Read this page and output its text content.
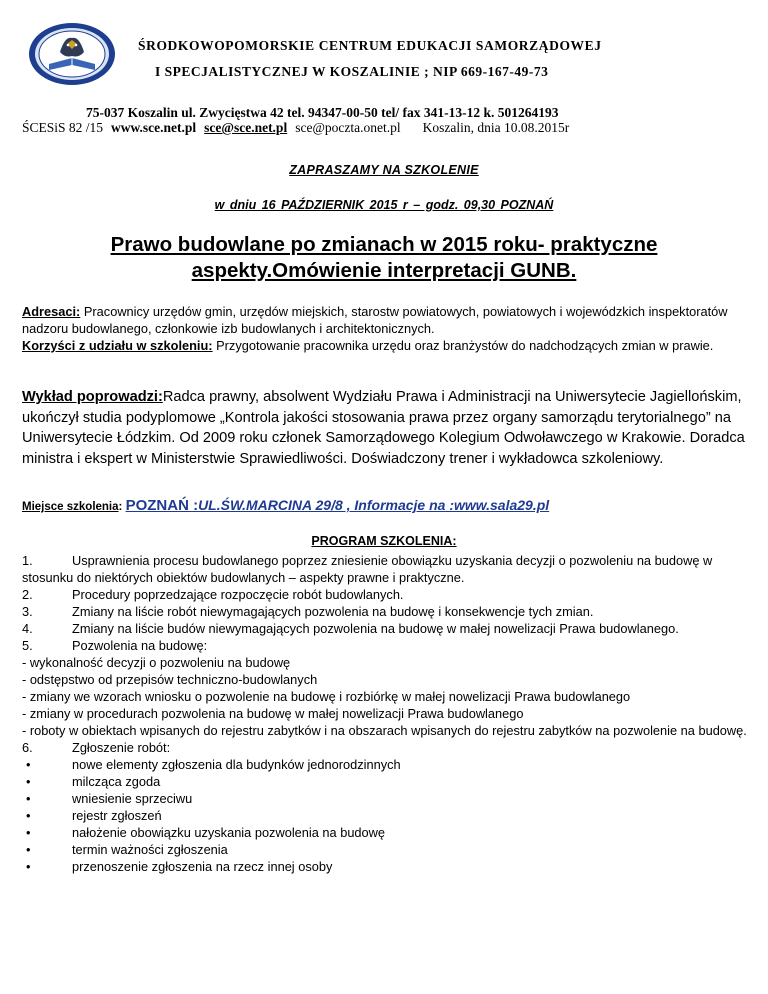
ŚRODKOWOPOMORSKIE CENTRUM EDUKACJI SAMORZĄDOWEJ
I SPECJALISTYCZNEJ W KOSZALINIE ; NIP 669-167-49-73
75-037 Koszalin ul. Zwycięstwa 42 tel. 94347-00-50 tel/ fax 341-13-12 k. 501264193
ŚCESiS 82 /15 www.sce.net.pl sce@sce.net.pl sce@poczta.onet.pl Koszalin, dnia 10.08.2015r
ZAPRASZAMY NA SZKOLENIE
w dniu 16 PAŹDZIERNIK 2015 r – godz. 09,30 POZNAŃ
Prawo budowlane po zmianach w 2015 roku- praktyczne
aspekty.Omówienie interpretacji GUNB.
Adresaci: Pracownicy urzędów gmin, urzędów miejskich, starostw powiatowych, powiatowych i wojewódzkich inspektoratów nadzoru budowlanego, członkowie izb budowlanych i architektonicznych.
Korzyści z udziału w szkoleniu: Przygotowanie pracownika urzędu oraz branżystów do nadchodzących zmian w prawie.
Wykład poprowadzi:Radca prawny, absolwent Wydziału Prawa i Administracji na Uniwersytecie Jagiellońskim, ukończył studia podyplomowe „Kontrola jakości stosowania prawa przez organy samorządu terytorialnego” na Uniwersytecie Łódzkim. Od 2009 roku członek Samorządowego Kolegium Odwoławczego w Krakowie. Doradca ministra i ekspert w Ministerstwie Sprawiedliwości. Doświadczony trener i wykładowca szkoleniowy.
Miejsce szkolenia: POZNAŃ :UL.ŚW.MARCINA 29/8 , Informacje na :www.sala29.pl
PROGRAM SZKOLENIA:
1.	Usprawnienia procesu budowlanego poprzez zniesienie obowiązku uzyskania decyzji o pozwoleniu na budowę w stosunku do niektórych obiektów budowlanych – aspekty prawne i praktyczne.
2.	Procedury poprzedzające rozpoczęcie robót budowlanych.
3.	Zmiany na liście robót niewymagających pozwolenia na budowę i konsekwencje tych zmian.
4.	Zmiany na liście budów niewymagających pozwolenia na budowę w małej nowelizacji Prawa budowlanego.
5.	Pozwolenia na budowę:
- wykonalność decyzji o pozwoleniu na budowę
- odstępstwo od przepisów techniczno-budowlanych
- zmiany we wzorach wniosku o pozwolenie na budowę i rozbiórkę w małej nowelizacji Prawa budowlanego
- zmiany w procedurach pozwolenia na budowę w małej nowelizacji Prawa budowlanego
- roboty w obiektach wpisanych do rejestru zabytków i na obszarach wpisanych do rejestru zabytków na pozwolenie na budowę.
6.	Zgłoszenie robót:
•	nowe elementy zgłoszenia dla budynków jednorodzinnych
•	milcząca zgoda
•	wniesienie sprzeciwu
•	rejestr zgłoszeń
•	nałożenie obowiązku uzyskania pozwolenia na budowę
•	termin ważności zgłoszenia
•	przenoszenie zgłoszenia na rzecz innej osoby
